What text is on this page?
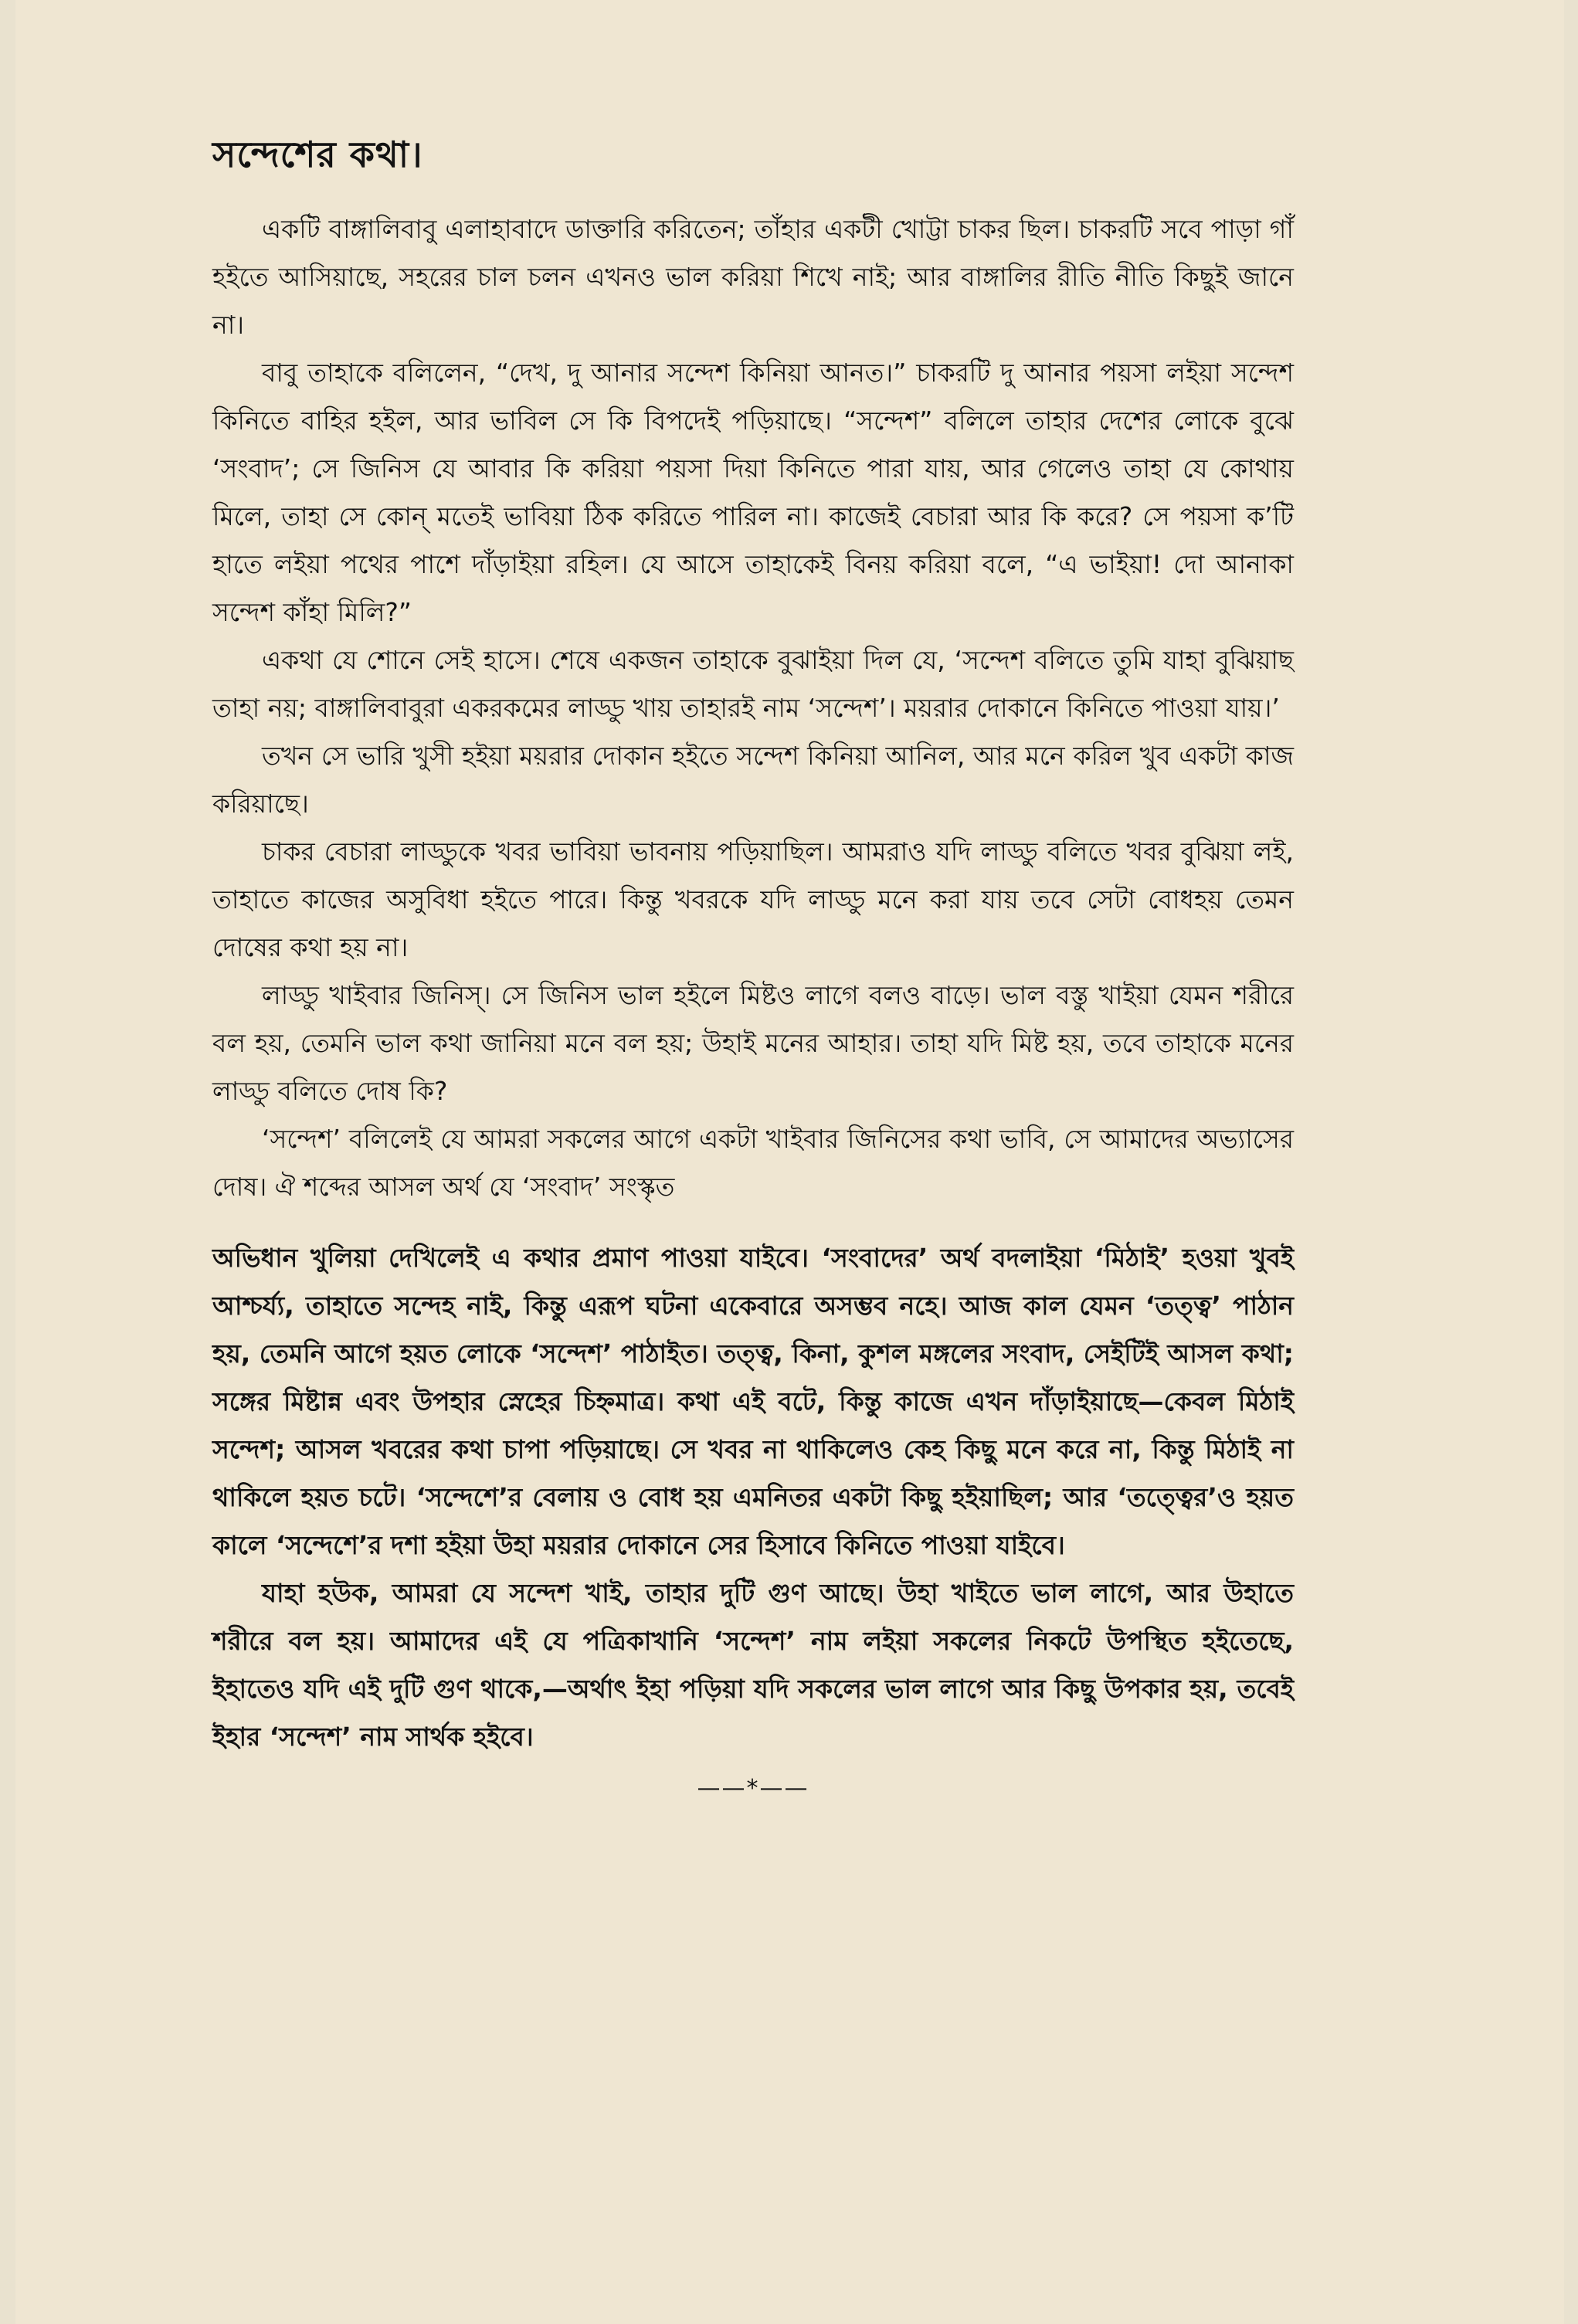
সন্দেশের কথা।

একটি বাঙ্গালিবাবু এলাহাবাদে ডাক্তারি করিতেন; তাঁহার একটী খোট্টা চাকর ছিল। চাকরটি সবে পাড়া গাঁ হইতে আসিয়াছে, সহরের চাল চলন এখনও ভাল করিয়া শিখে নাই; আর বাঙ্গালির রীতি নীতি কিছুই জানে না।

বাবু তাহাকে বলিলেন, “দেখ, দু আনার সন্দেশ কিনিয়া আনত।” চাকরটি দু আনার পয়সা লইয়া সন্দেশ কিনিতে বাহির হইল, আর ভাবিল সে কি বিপদেই পড়িয়াছে। “সন্দেশ” বলিলে তাহার দেশের লোকে বুঝে ‘সংবাদ’; সে জিনিস যে আবার কি করিয়া পয়সা দিয়া কিনিতে পারা যায়, আর গেলেও তাহা যে কোথায় মিলে, তাহা সে কোন্ মতেই ভাবিয়া ঠিক করিতে পারিল না। কাজেই বেচারা আর কি করে? সে পয়সা ক’টি হাতে লইয়া পথের পাশে দাঁড়াইয়া রহিল। যে আসে তাহাকেই বিনয় করিয়া বলে, “এ ভাইয়া! দো আনাকা সন্দেশ কাঁহা মিলি?”

একথা যে শোনে সেই হাসে। শেষে একজন তাহাকে বুঝাইয়া দিল যে, ‘সন্দেশ বলিতে তুমি যাহা বুঝিয়াছ তাহা নয়; বাঙ্গালিবাবুরা একরকমের লাড্ডু খায় তাহারই নাম ‘সন্দেশ’। ময়রার দোকানে কিনিতে পাওয়া যায়।’

তখন সে ভারি খুসী হইয়া ময়রার দোকান হইতে সন্দেশ কিনিয়া আনিল, আর মনে করিল খুব একটা কাজ করিয়াছে।

চাকর বেচারা লাড্ডুকে খবর ভাবিয়া ভাবনায় পড়িয়াছিল। আমরাও যদি লাড্ডু বলিতে খবর বুঝিয়া লই, তাহাতে কাজের অসুবিধা হইতে পারে। কিন্তু খবরকে যদি লাড্ডু মনে করা যায় তবে সেটা বোধহয় তেমন দোষের কথা হয় না।

লাড্ডু খাইবার জিনিস্। সে জিনিস ভাল হইলে মিষ্টও লাগে বলও বাড়ে। ভাল বস্তু খাইয়া যেমন শরীরে বল হয়, তেমনি ভাল কথা জানিয়া মনে বল হয়; উহাই মনের আহার। তাহা যদি মিষ্ট হয়, তবে তাহাকে মনের লাড্ডু বলিতে দোষ কি?

‘সন্দেশ’ বলিলেই যে আমরা সকলের আগে একটা খাইবার জিনিসের কথা ভাবি, সে আমাদের অভ্যাসের দোষ। ঐ শব্দের আসল অর্থ যে ‘সংবাদ’ সংস্কৃত

অভিধান খুলিয়া দেখিলেই এ কথার প্রমাণ পাওয়া যাইবে। ‘সংবাদের’ অর্থ বদলাইয়া ‘মিঠাই’ হওয়া খুবই আশ্চর্য্য, তাহাতে সন্দেহ নাই, কিন্তু এরূপ ঘটনা একেবারে অসম্ভব নহে। আজ কাল যেমন ‘তত্ত্ব’ পাঠান হয়, তেমনি আগে হয়ত লোকে ‘সন্দেশ’ পাঠাইত। তত্ত্ব, কিনা, কুশল মঙ্গলের সংবাদ, সেইটিই আসল কথা; সঙ্গের মিষ্টান্ন এবং উপহার স্নেহের চিহ্নমাত্র। কথা এই বটে, কিন্তু কাজে এখন দাঁড়াইয়াছে—কেবল মিঠাই সন্দেশ; আসল খবরের কথা চাপা পড়িয়াছে। সে খবর না থাকিলেও কেহ কিছু মনে করে না, কিন্তু মিঠাই না থাকিলে হয়ত চটে। ‘সন্দেশে’র বেলায় ও বোধ হয় এমনিতর একটা কিছু হইয়াছিল; আর ‘তত্ত্বের’ও হয়ত কালে ‘সন্দেশে’র দশা হইয়া উহা ময়রার দোকানে সের হিসাবে কিনিতে পাওয়া যাইবে।

যাহা হউক, আমরা যে সন্দেশ খাই, তাহার দুটি গুণ আছে। উহা খাইতে ভাল লাগে, আর উহাতে শরীরে বল হয়। আমাদের এই যে পত্রিকাখানি ‘সন্দেশ’ নাম লইয়া সকলের নিকটে উপস্থিত হইতেছে, ইহাতেও যদি এই দুটি গুণ থাকে,—অর্থাৎ ইহা পড়িয়া যদি সকলের ভাল লাগে আর কিছু উপকার হয়, তবেই ইহার ‘সন্দেশ’ নাম সার্থক হইবে।

——*——
